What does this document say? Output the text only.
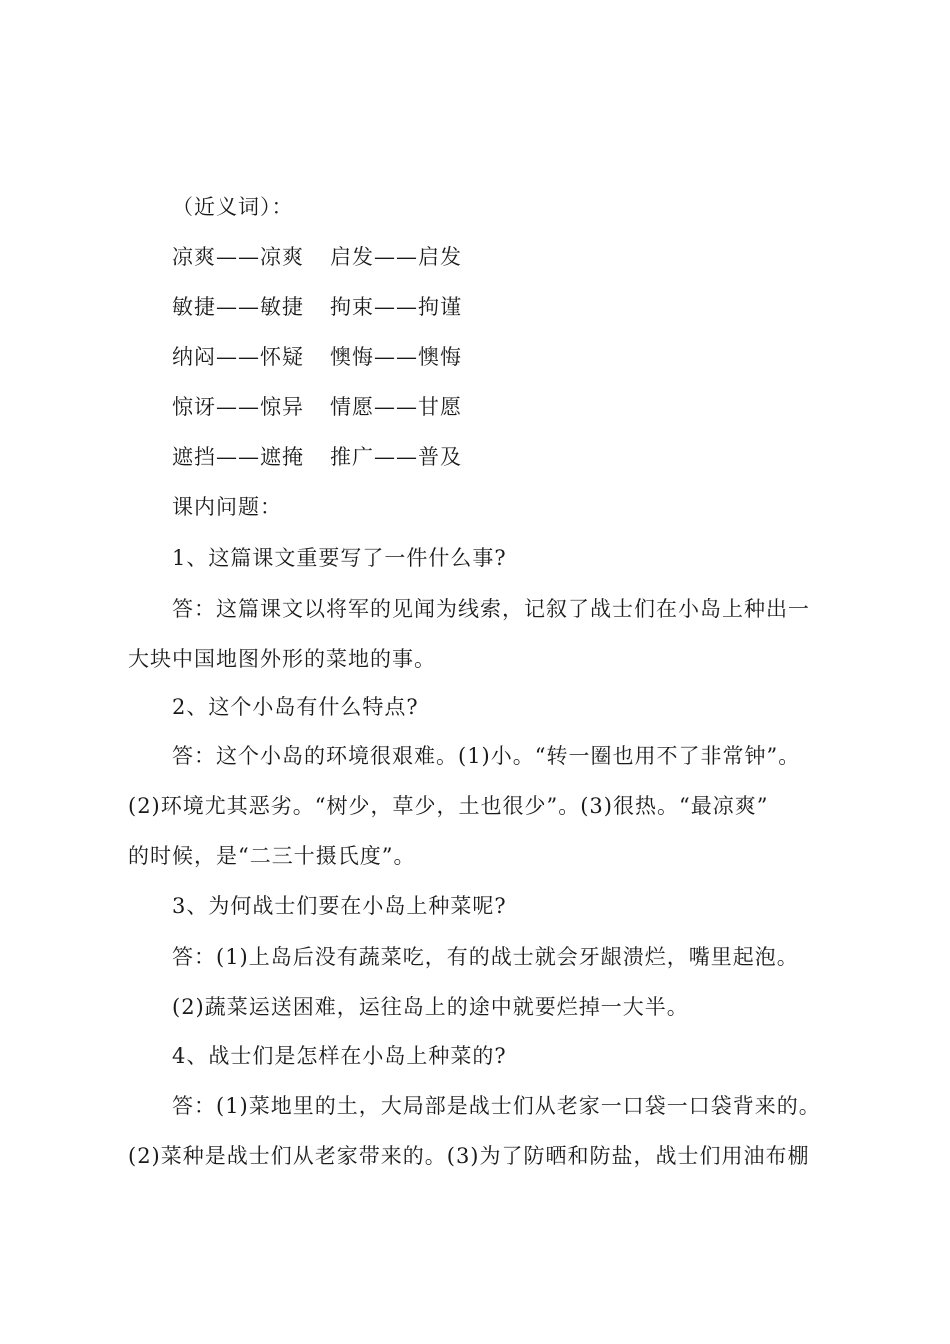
（近义词）：
凉爽——凉爽 启发——启发
敏捷——敏捷 拘束——拘谨
纳闷——怀疑 懊悔——懊悔
惊讶——惊异 情愿——甘愿
遮挡——遮掩 推广——普及
课内问题：
1、这篇课文重要写了一件什么事?
答：这篇课文以将军的见闻为线索，记叙了战士们在小岛上种出一
大块中国地图外形的菜地的事。
2、这个小岛有什么特点?
答：这个小岛的环境很艰难。(1)小。“转一圈也用不了非常钟”。
(2)环境尤其恶劣。“树少，草少，土也很少”。(3)很热。“最凉爽”
的时候，是“二三十摄氏度”。
3、为何战士们要在小岛上种菜呢?
答：(1)上岛后没有蔬菜吃，有的战士就会牙龈溃烂，嘴里起泡。
(2)蔬菜运送困难，运往岛上的途中就要烂掉一大半。
4、战士们是怎样在小岛上种菜的?
答：(1)菜地里的土，大局部是战士们从老家一口袋一口袋背来的。
(2)菜种是战士们从老家带来的。(3)为了防晒和防盐，战士们用油布棚
